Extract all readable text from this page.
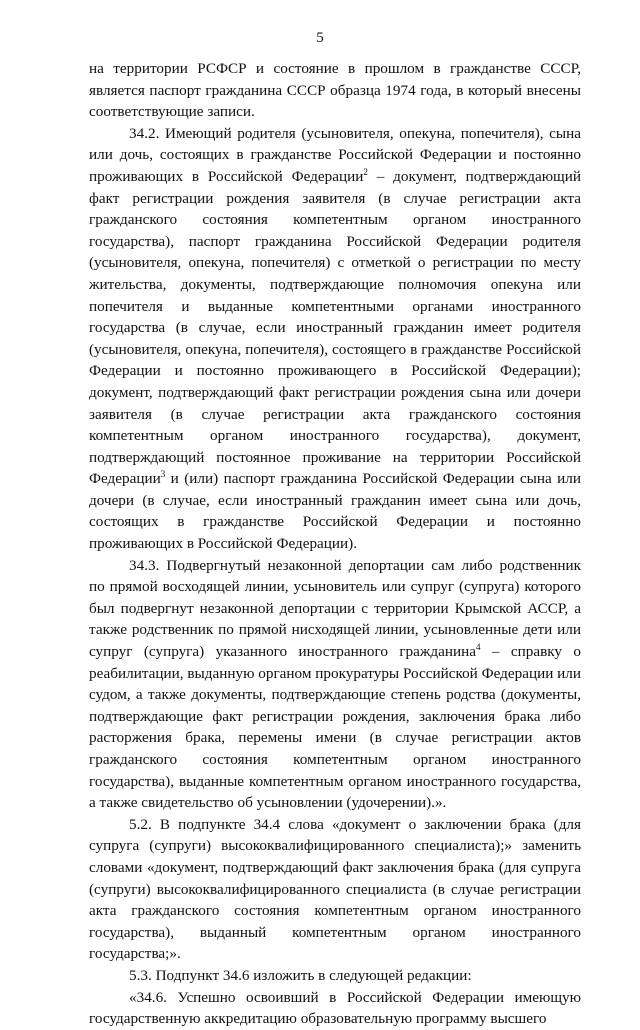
5

на территории РСФСР и состояние в прошлом в гражданстве СССР, является паспорт гражданина СССР образца 1974 года, в который внесены соответствующие записи.

34.2. Имеющий родителя (усыновителя, опекуна, попечителя), сына или дочь, состоящих в гражданстве Российской Федерации и постоянно проживающих в Российской Федерации$^2$ – документ, подтверждающий факт регистрации рождения заявителя (в случае регистрации акта гражданского состояния компетентным органом иностранного государства), паспорт гражданина Российской Федерации родителя (усыновителя, опекуна, попечителя) с отметкой о регистрации по месту жительства, документы, подтверждающие полномочия опекуна или попечителя и выданные компетентными органами иностранного государства (в случае, если иностранный гражданин имеет родителя (усыновителя, опекуна, попечителя), состоящего в гражданстве Российской Федерации и постоянно проживающего в Российской Федерации); документ, подтверждающий факт регистрации рождения сына или дочери заявителя (в случае регистрации акта гражданского состояния компетентным органом иностранного государства), документ, подтверждающий постоянное проживание на территории Российской Федерации$^3$ и (или) паспорт гражданина Российской Федерации сына или дочери (в случае, если иностранный гражданин имеет сына или дочь, состоящих в гражданстве Российской Федерации и постоянно проживающих в Российской Федерации).

34.3. Подвергнутый незаконной депортации сам либо родственник по прямой восходящей линии, усыновитель или супруг (супруга) которого был подвергнут незаконной депортации с территории Крымской АССР, а также родственник по прямой нисходящей линии, усыновленные дети или супруг (супруга) указанного иностранного гражданина$^4$ – справку о реабилитации, выданную органом прокуратуры Российской Федерации или судом, а также документы, подтверждающие степень родства (документы, подтверждающие факт регистрации рождения, заключения брака либо расторжения брака, перемены имени (в случае регистрации актов гражданского состояния компетентным органом иностранного государства), выданные компетентным органом иностранного государства, а также свидетельство об усыновлении (удочерении).».

5.2. В подпункте 34.4 слова «документ о заключении брака (для супруга (супруги) высококвалифицированного специалиста);» заменить словами «документ, подтверждающий факт заключения брака (для супруга (супруги) высококвалифицированного специалиста (в случае регистрации акта гражданского состояния компетентным органом иностранного государства), выданный компетентным органом иностранного государства;».

5.3. Подпункт 34.6 изложить в следующей редакции:

«34.6. Успешно освоивший в Российской Федерации имеющую государственную аккредитацию образовательную программу высшего
